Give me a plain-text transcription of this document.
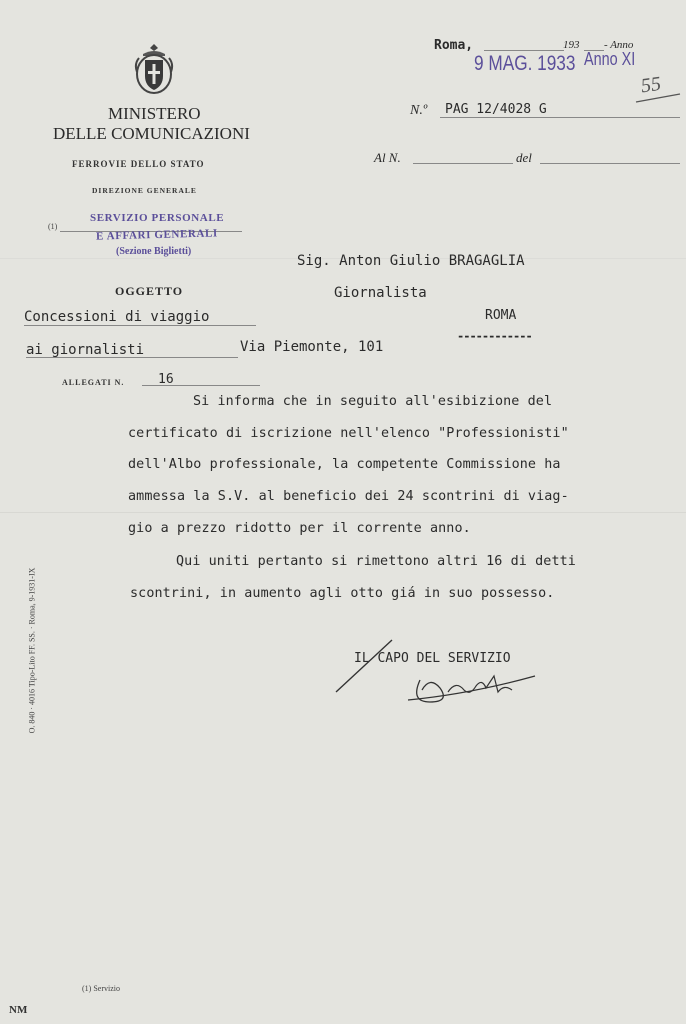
MINISTERO
DELLE COMUNICAZIONI
FERROVIE DELLO STATO
DIREZIONE GENERALE
(1)
SERVIZIO PERSONALE
E AFFARI GENERALI
(Sezione Biglietti)
Roma,	193 - Anno
9 MAG. 1933 Anno XI
55
N.º PAG 12/4028 G
Al N.	del
Sig. Anton Giulio BRAGAGLIA
Giornalista
ROMA
------------
Via Piemonte, 101
OGGETTO
Concessioni di viaggio
ai giornalisti
ALLEGATI N.	16
Si informa che in seguito all'esibizione del
certificato di iscrizione nell'elenco "Professionisti"
dell'Albo professionale, la competente Commissione ha
ammessa la S.V. al beneficio dei 24 scontrini di viag-
gio a prezzo ridotto per il corrente anno.
Qui uniti pertanto si rimettono altri 16 di detti
scontrini, in aumento agli otto giá in suo possesso.
IL CAPO DEL SERVIZIO
O. 840 · 4016 Tipo-Lito FF. SS. · Roma, 9-1931-IX
(1) Servizio
NM
